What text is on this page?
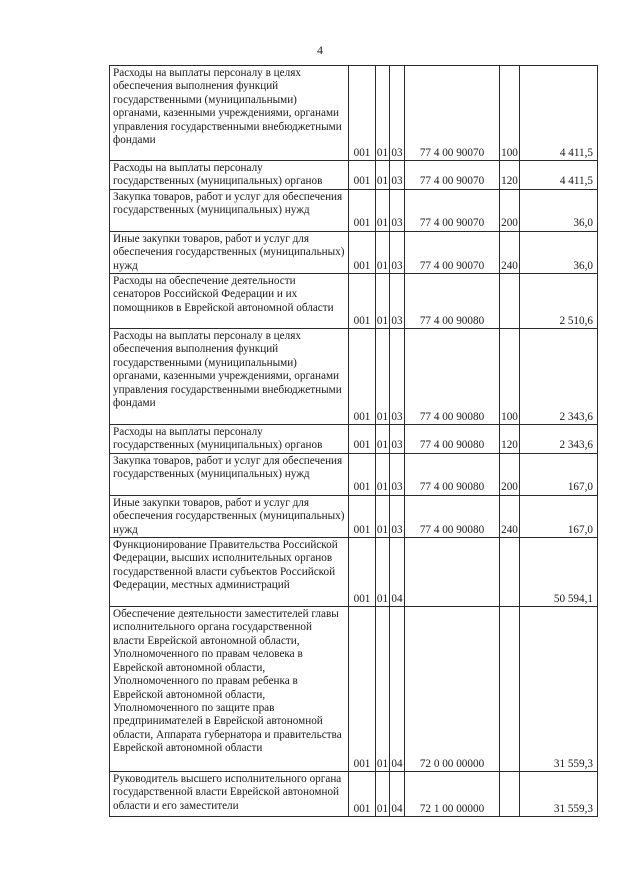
4
Расходы на выплаты персоналу в целях обеспечения выполнения функций государственными (муниципальными) органами, казенными учреждениями, органами управления государственными внебюджетными фондами	001	01	03	77 4 00 90070	100	4 411,5
Расходы на выплаты персоналу государственных (муниципальных) органов	001	01	03	77 4 00 90070	120	4 411,5
Закупка товаров, работ и услуг для обеспечения государственных (муниципальных) нужд	001	01	03	77 4 00 90070	200	36,0
Иные закупки товаров, работ и услуг для обеспечения государственных (муниципальных) нужд	001	01	03	77 4 00 90070	240	36,0
Расходы на обеспечение деятельности сенаторов Российской Федерации и их помощников в Еврейской автономной области	001	01	03	77 4 00 90080		2 510,6
Расходы на выплаты персоналу в целях обеспечения выполнения функций государственными (муниципальными) органами, казенными учреждениями, органами управления государственными внебюджетными фондами	001	01	03	77 4 00 90080	100	2 343,6
Расходы на выплаты персоналу государственных (муниципальных) органов	001	01	03	77 4 00 90080	120	2 343,6
Закупка товаров, работ и услуг для обеспечения государственных (муниципальных) нужд	001	01	03	77 4 00 90080	200	167,0
Иные закупки товаров, работ и услуг для обеспечения государственных (муниципальных) нужд	001	01	03	77 4 00 90080	240	167,0
Функционирование Правительства Российской Федерации, высших исполнительных органов государственной власти субъектов Российской Федерации, местных администраций	001	01	04			50 594,1
Обеспечение деятельности заместителей главы исполнительного органа государственной власти Еврейской автономной области, Уполномоченного по правам человека в Еврейской автономной области, Уполномоченного по правам ребенка в Еврейской автономной области, Уполномоченного по защите прав предпринимателей в Еврейской автономной области, Аппарата губернатора и правительства Еврейской автономной области	001	01	04	72 0 00 00000		31 559,3
Руководитель высшего исполнительного органа государственной власти Еврейской автономной области и его заместители	001	01	04	72 1 00 00000		31 559,3
